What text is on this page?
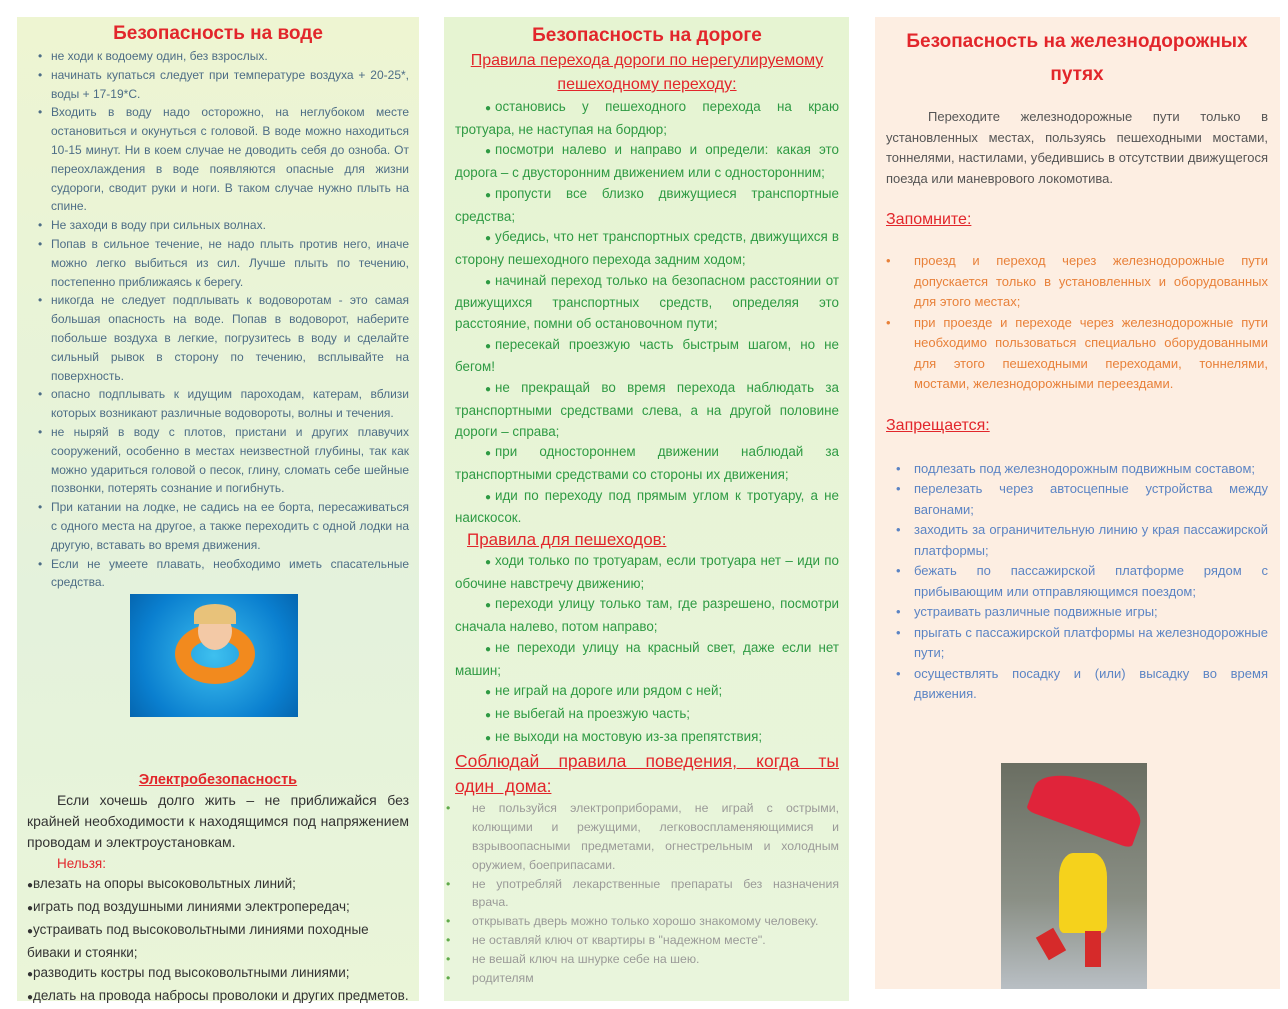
Безопасность на воде
• не ходи к водоему один, без взрослых.
• начинать купаться следует при температуре воздуха + 20-25*, воды + 17-19*С.
• Входить в воду надо осторожно, на неглубоком месте остановиться и окунуться с головой. В воде можно находиться 10-15 минут. Ни в коем случае не доводить себя до озноба. От переохлаждения в воде появляются опасные для жизни судороги, сводит руки и ноги. В таком случае нужно плыть на спине.
• Не заходи в воду при сильных волнах.
• Попав в сильное течение, не надо плыть против него, иначе можно легко выбиться из сил. Лучше плыть по течению, постепенно приближаясь к берегу.
• никогда не следует подплывать к водоворотам - это самая большая опасность на воде. Попав в водоворот, наберите побольше воздуха в легкие, погрузитесь в воду и сделайте сильный рывок в сторону по течению, всплывайте на поверхность.
• опасно подплывать к идущим пароходам, катерам, вблизи которых возникают различные водовороты, волны и течения.
• не ныряй в воду с плотов, пристани и других плавучих сооружений, особенно в местах неизвестной глубины, так как можно удариться головой о песок, глину, сломать себе шейные позвонки, потерять сознание и погибнуть.
• При катании на лодке, не садись на ее борта, пересаживаться с одного места на другое, а также переходить с одной лодки на другую, вставать во время движения.
• Если не умеете плавать, необходимо иметь спасательные средства.
Электробезопасность
Если хочешь долго жить – не приближайся без крайней необходимости к находящимся под напряжением проводам и электроустановкам.
Нельзя:
●влезать на опоры высоковольтных линий;
●играть под воздушными линиями электропередач;
●устраивать под высоковольтными линиями походные биваки и стоянки;
●разводить костры под высоковольтными линиями;
●делать на провода набросы проволоки и других предметов.
Безопасность на дороге
Правила перехода дороги по нерегулируемому пешеходному переходу:
● остановись у пешеходного перехода на краю тротуара, не наступая на бордюр;
● посмотри налево и направо и определи: какая это дорога – с двусторонним движением или с односторонним;
● пропусти все близко движущиеся транспортные средства;
● убедись, что нет транспортных средств, движущихся в сторону пешеходного перехода задним ходом;
● начинай переход только на безопасном расстоянии от движущихся транспортных средств, определяя это расстояние, помни об остановочном пути;
● пересекай проезжую часть быстрым шагом, но не бегом!
● не прекращай во время перехода наблюдать за транспортными средствами слева, а на другой половине дороги – справа;
● при одностороннем движении наблюдай за транспортными средствами со стороны их движения;
● иди по переходу под прямым углом к тротуару, а не наискосок.
Правила для пешеходов:
● ходи только по тротуарам, если тротуара нет – иди по обочине навстречу движению;
● переходи улицу только там, где разрешено, посмотри сначала налево, потом направо;
● не переходи улицу на красный свет, даже если нет машин;
● не играй на дороге или рядом с ней;
● не выбегай на проезжую часть;
● не выходи на мостовую из-за препятствия;
Соблюдай правила поведения, когда ты один дома:
• не пользуйся электроприборами, не играй с острыми, колющими и режущими, легковоспламеняющимися и взрывоопасными предметами, огнестрельным и холодным оружием, боеприпасами.
• не употребляй лекарственные препараты без назначения врача.
• открывать дверь можно только хорошо знакомому человеку.
• не оставляй ключ от квартиры в "надежном месте".
• не вешай ключ на шнурке себе на шею.
• родителям
Безопасность на железнодорожных путях
Переходите железнодорожные пути только в установленных местах, пользуясь пешеходными мостами, тоннелями, настилами, убедившись в отсутствии движущегося поезда или маневрового локомотива.
Запомните:
• проезд и переход через железнодорожные пути допускается только в установленных и оборудованных для этого местах;
• при проезде и переходе через железнодорожные пути необходимо пользоваться специально оборудованными для этого пешеходными переходами, тоннелями, мостами, железнодорожными переездами.
Запрещается:
• подлезать под железнодорожным подвижным составом;
• перелезать через автосцепные устройства между вагонами;
• заходить за ограничительную линию у края пассажирской платформы;
• бежать по пассажирской платформе рядом с прибывающим или отправляющимся поездом;
• устраивать различные подвижные игры;
• прыгать с пассажирской платформы на железнодорожные пути;
• осуществлять посадку и (или) высадку во время движения.
